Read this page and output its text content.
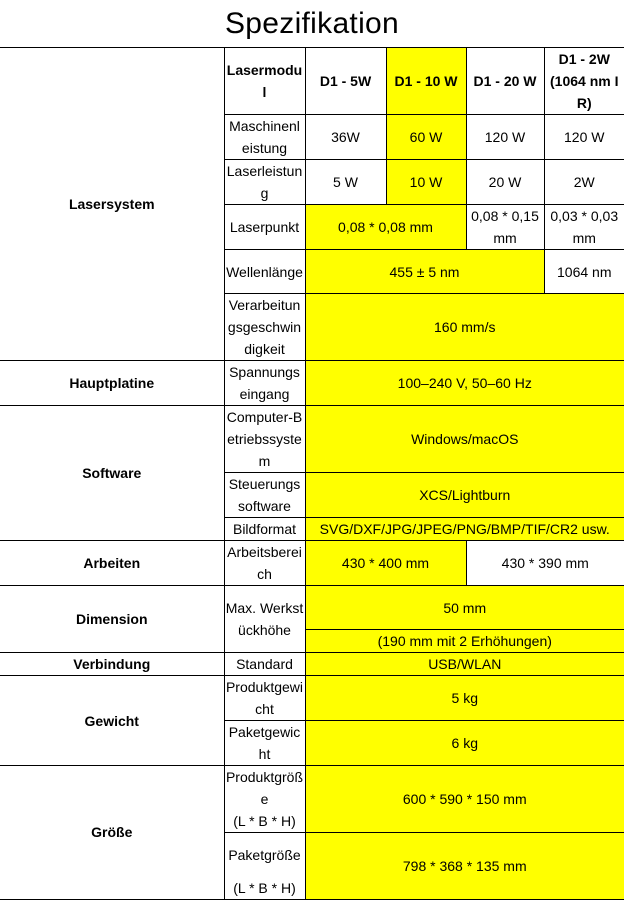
Spezifikation
Lasersystem	Lasermodul	D1 - 5W	D1 - 10 W	D1 - 20 W	D1 - 2W
(1064 nm IR)
	Maschinenleistung	36W	60 W	120 W	120 W
	Laserleistung	5 W	10 W	20 W	2W
	Laserpunkt	0,08 * 0,08 mm		0,08 * 0,15 mm	0,03 * 0,03 mm
	Wellenlänge	455 ± 5 nm			1064 nm
	Verarbeitungsgeschwindigkeit	160 mm/s			
Hauptplatine	Spannungseingang	100–240 V, 50–60 Hz			
Software	Computer-Betriebssystem	Windows/macOS			
	Steuerungssoftware	XCS/Lightburn			
	Bildformat	SVG/DXF/JPG/JPEG/PNG/BMP/TIF/CR2 usw.			
Arbeiten	Arbeitsbereich	430 * 400 mm		430 * 390 mm	
Dimension	Max. Werkstückhöhe	50 mm			
		(190 mm mit 2 Erhöhungen)			
Verbindung	Standard	USB/WLAN			
Gewicht	Produktgewicht	5 kg			
	Paketgewicht	6 kg			
Größe	Produktgröße	600 * 590 * 150 mm			
	(L * B * H)				
	Paketgröße	798 * 368 * 135 mm			
	(L * B * H)				
